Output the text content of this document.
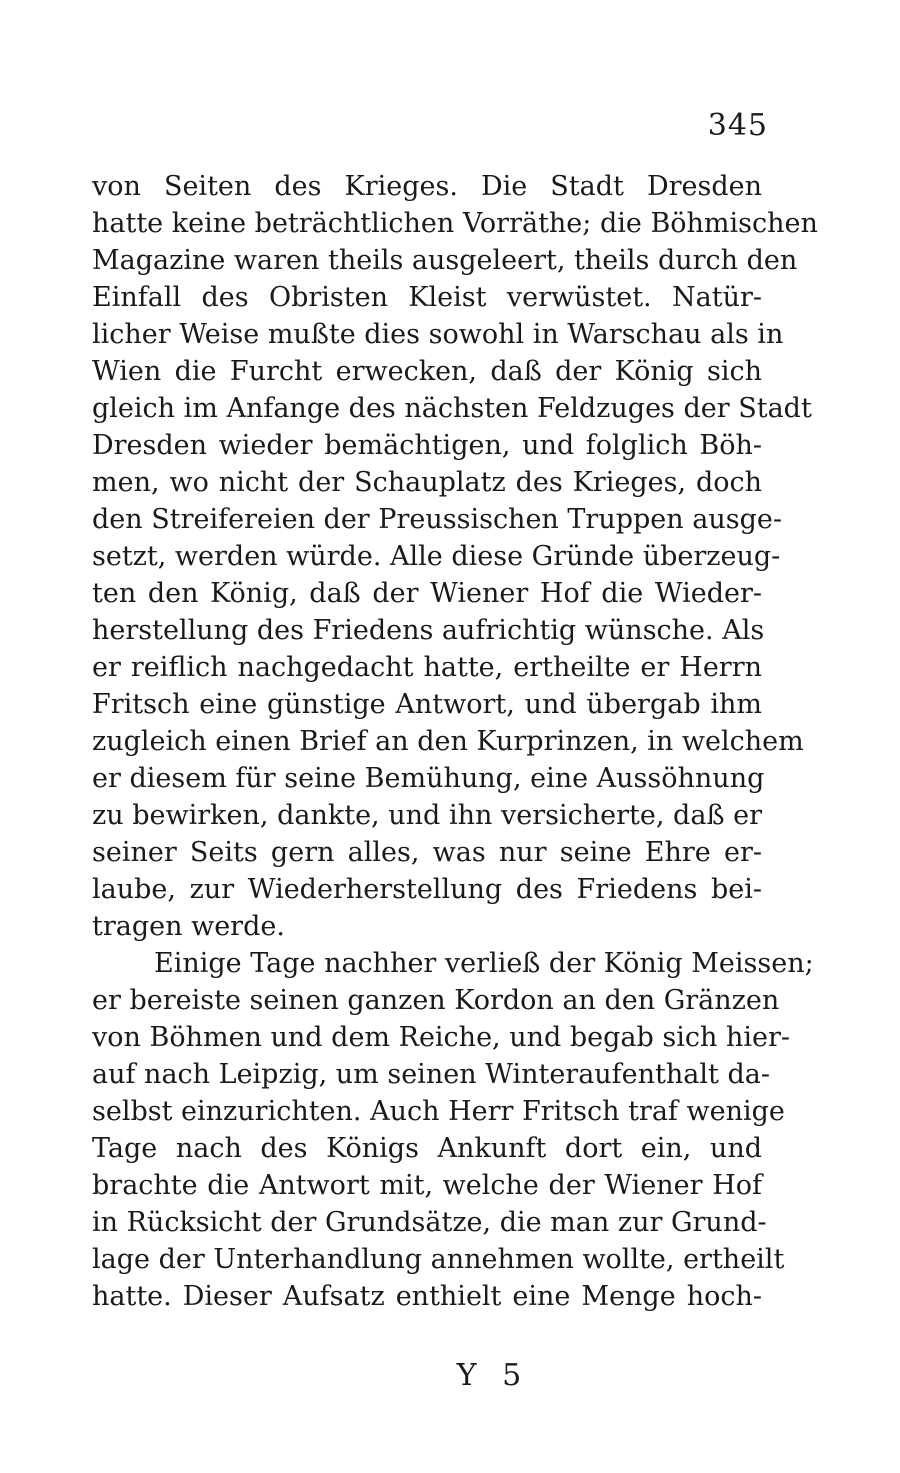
345
von Seiten des Krieges. Die Stadt Dresden
hatte keine beträchtlichen Vorräthe; die Böhmischen
Magazine waren theils ausgeleert, theils durch den
Einfall des Obristen Kleist verwüstet. Natür-
licher Weise mußte dies sowohl in Warschau als in
Wien die Furcht erwecken, daß der König sich
gleich im Anfange des nächsten Feldzuges der Stadt
Dresden wieder bemächtigen, und folglich Böh-
men, wo nicht der Schauplatz des Krieges, doch
den Streifereien der Preussischen Truppen ausge-
setzt, werden würde. Alle diese Gründe überzeug-
ten den König, daß der Wiener Hof die Wieder-
herstellung des Friedens aufrichtig wünsche. Als
er reiflich nachgedacht hatte, ertheilte er Herrn
Fritsch eine günstige Antwort, und übergab ihm
zugleich einen Brief an den Kurprinzen, in welchem
er diesem für seine Bemühung, eine Aussöhnung
zu bewirken, dankte, und ihn versicherte, daß er
seiner Seits gern alles, was nur seine Ehre er-
laube, zur Wiederherstellung des Friedens bei-
tragen werde.
Einige Tage nachher verließ der König Meissen;
er bereiste seinen ganzen Kordon an den Gränzen
von Böhmen und dem Reiche, und begab sich hier-
auf nach Leipzig, um seinen Winteraufenthalt da-
selbst einzurichten. Auch Herr Fritsch traf wenige
Tage nach des Königs Ankunft dort ein, und
brachte die Antwort mit, welche der Wiener Hof
in Rücksicht der Grundsätze, die man zur Grund-
lage der Unterhandlung annehmen wollte, ertheilt
hatte. Dieser Aufsatz enthielt eine Menge hoch-
Y 5
